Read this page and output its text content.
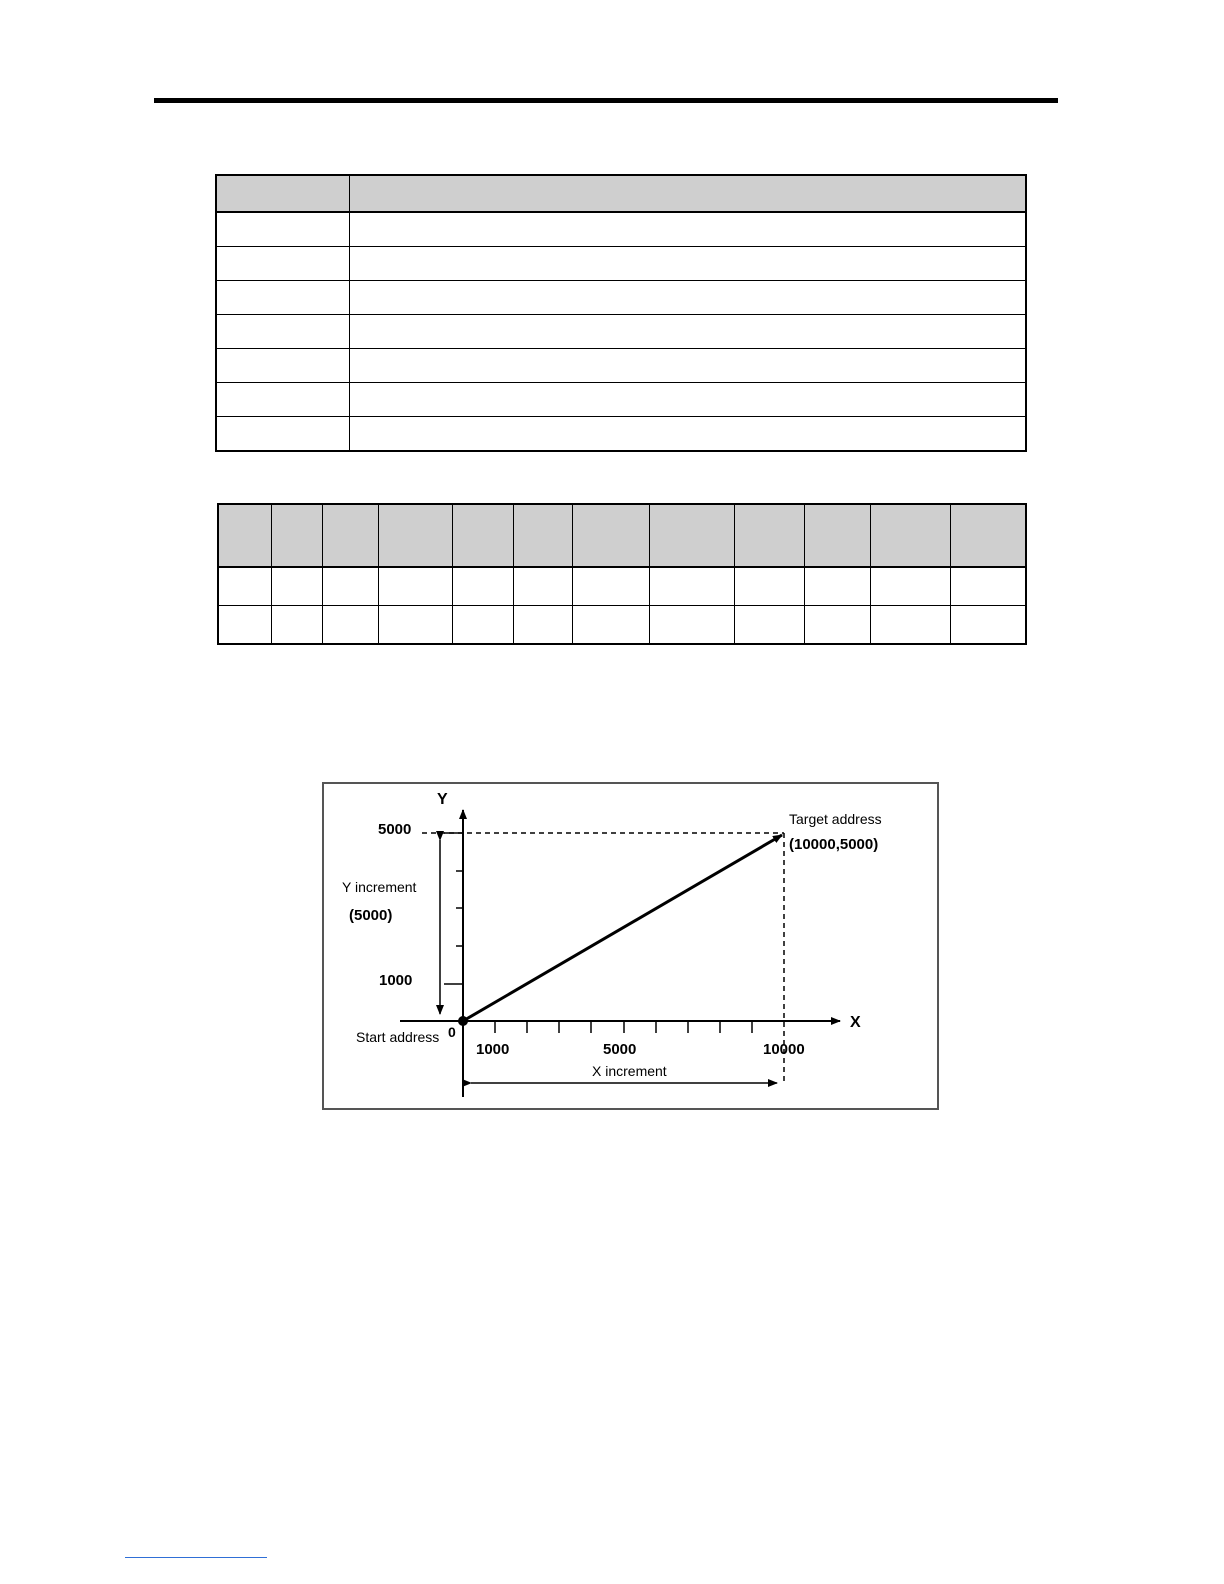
Y
X
5000
1000
1000	5000	10000
0
Start address
Target address
(10000,5000)
Y increment
(5000)
X increment
